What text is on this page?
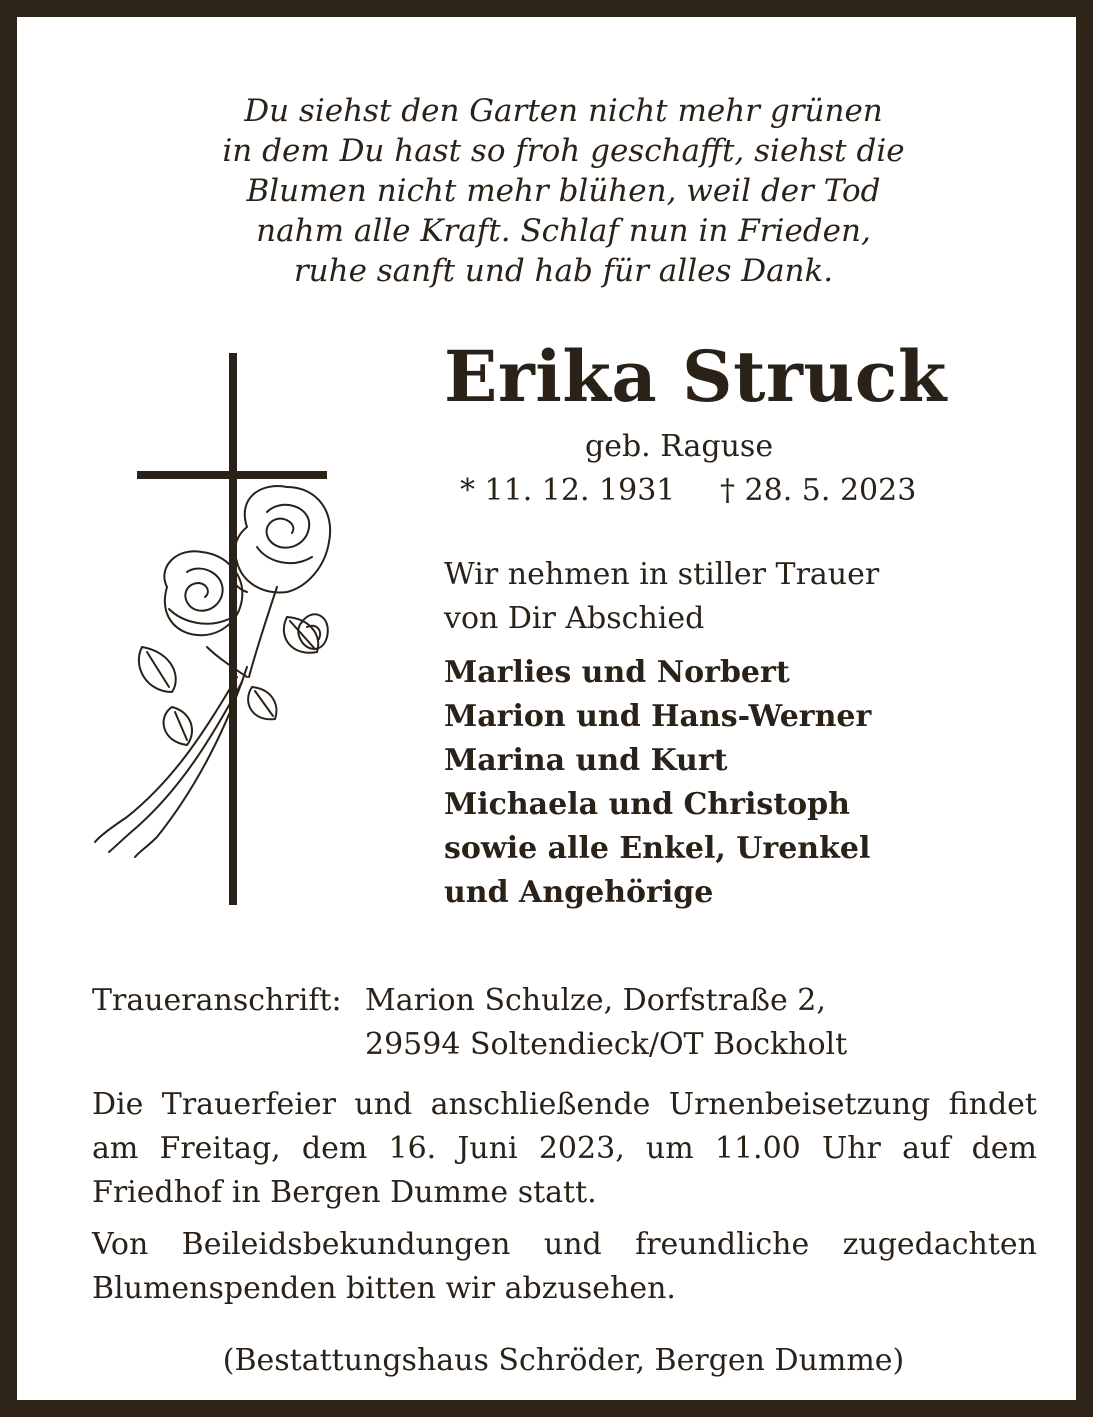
Du siehst den Garten nicht mehr grünen
in dem Du hast so froh geschafft, siehst die
Blumen nicht mehr blühen, weil der Tod
nahm alle Kraft. Schlaf nun in Frieden,
ruhe sanft und hab für alles Dank.
Erika Struck
geb. Raguse
* 11. 12. 1931 † 28. 5. 2023
Wir nehmen in stiller Trauer
von Dir Abschied
Marlies und Norbert
Marion und Hans-Werner
Marina und Kurt
Michaela und Christoph
sowie alle Enkel, Urenkel
und Angehörige
Traueranschrift: Marion Schulze, Dorfstraße 2,
29594 Soltendieck/OT Bockholt
Die Trauerfeier und anschließende Urnenbeisetzung findet
am Freitag, dem 16. Juni 2023, um 11.00 Uhr auf dem
Friedhof in Bergen Dumme statt.
Von Beileidsbekundungen und freundliche zugedachten
Blumenspenden bitten wir abzusehen.
(Bestattungshaus Schröder, Bergen Dumme)
